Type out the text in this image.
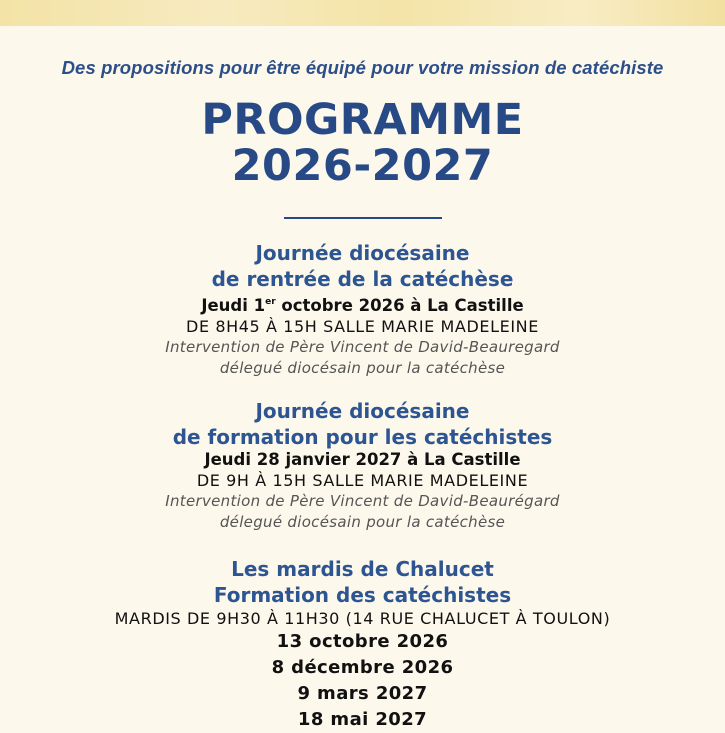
Des propositions pour être équipé pour votre mission de catéchiste
PROGRAMME
2026-2027
Journée diocésaine
de rentrée de la catéchèse
Jeudi 1er octobre 2026 à La Castille
DE 8H45 À 15H SALLE MARIE MADELEINE
Intervention de Père Vincent de David-Beauregard
délegué diocésain pour la catéchèse
Journée diocésaine
de formation pour les catéchistes
Jeudi 28 janvier 2027 à La Castille
DE 9H À 15H SALLE MARIE MADELEINE
Intervention de Père Vincent de David-Beaurégard
délegué diocésain pour la catéchèse
Les mardis de Chalucet
Formation des catéchistes
MARDIS DE 9H30 À 11H30 (14 RUE CHALUCET À TOULON)
13 octobre 2026
8 décembre 2026
9 mars 2027
18 mai 2027
